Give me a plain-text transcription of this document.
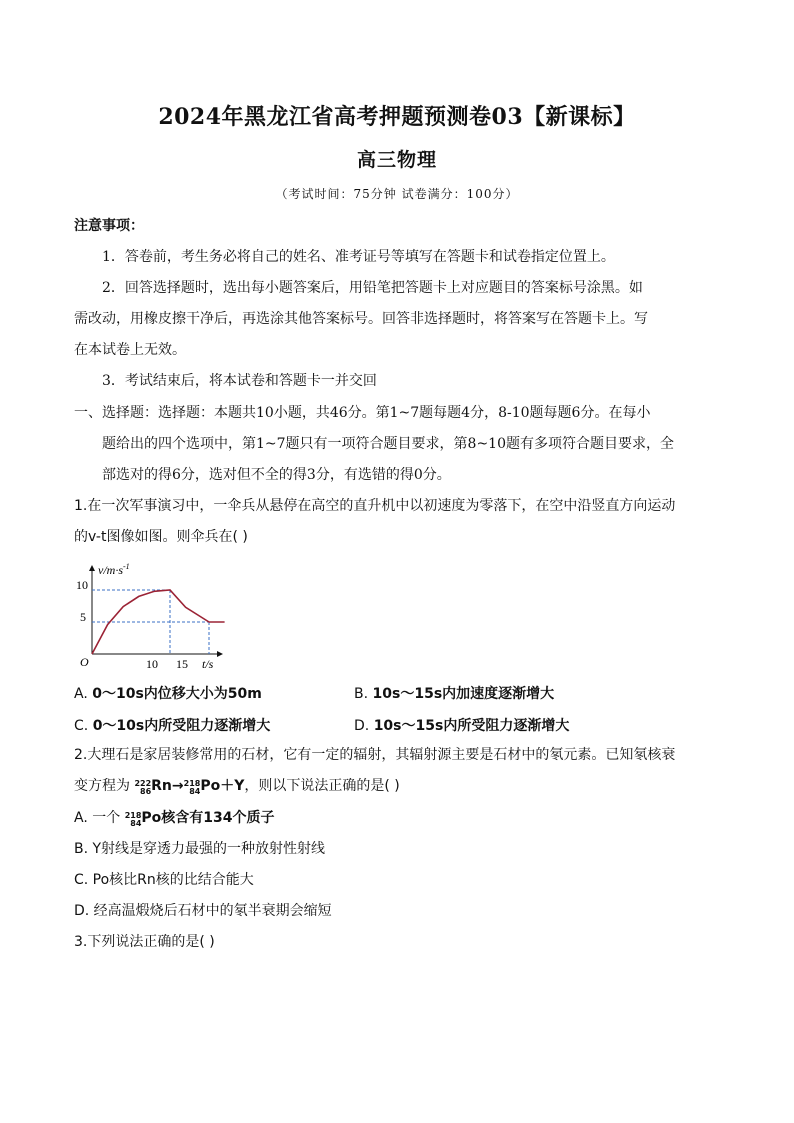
2024年黑龙江省高考押题预测卷03【新课标】
高三物理
（考试时间：75分钟 试卷满分：100分）
注意事项：
1．答卷前，考生务必将自己的姓名、准考证号等填写在答题卡和试卷指定位置上。
2．回答选择题时，选出每小题答案后，用铅笔把答题卡上对应题目的答案标号涂黑。如
需改动，用橡皮擦干净后，再选涂其他答案标号。回答非选择题时，将答案写在答题卡上。写
在本试卷上无效。
3．考试结束后，将本试卷和答题卡一并交回
一、选择题：选择题：本题共10小题，共46分。第1~7题每题4分，8-10题每题6分。在每小
题给出的四个选项中，第1~7题只有一项符合题目要求，第8~10题有多项符合题目要求，全
部选对的得6分，选对但不全的得3分，有选错的得0分。
1.在一次军事演习中，一伞兵从悬停在高空的直升机中以初速度为零落下，在空中沿竖直方向运动
的v-t图像如图。则伞兵在( )
$v/m\cdot s^{-1}$
t/s
O
10
5
10 15
A. 0～10s内位移大小为50m	B. 10s～15s内加速度逐渐增大
C. 0～10s内所受阻力逐渐增大	D. 10s～15s内所受阻力逐渐增大
2.大理石是家居装修常用的石材，它有一定的辐射，其辐射源主要是石材中的氡元素。已知氡核衰
变方程为 222
86Rn→218
84Po＋Y，则以下说法正确的是( )
A. 一个 218
84Po核含有134个质子
B. Y射线是穿透力最强的一种放射性射线
C. Po核比Rn核的比结合能大
D. 经高温煅烧后石材中的氡半衰期会缩短
3.下列说法正确的是( )
